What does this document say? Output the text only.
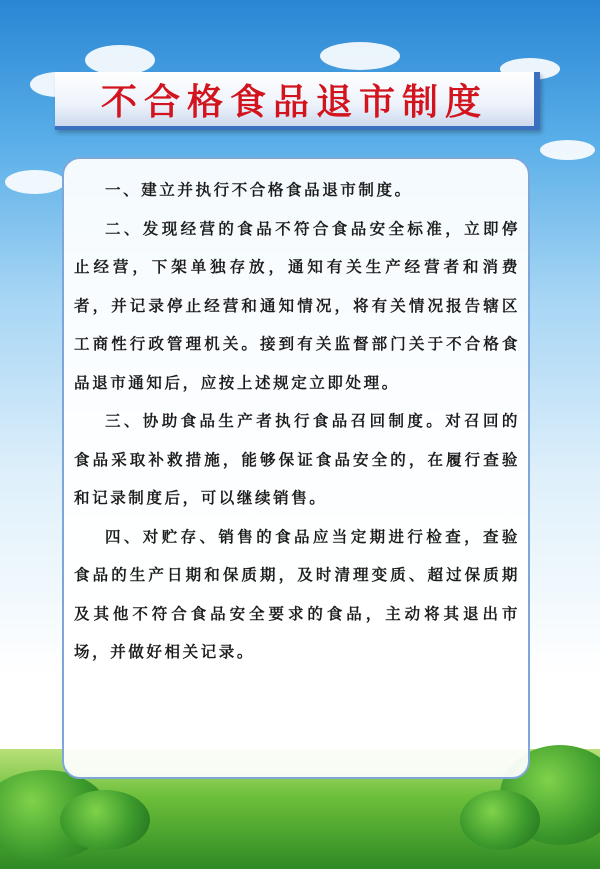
不合格食品退市制度

一、建立并执行不合格食品退市制度。

二、发现经营的食品不符合食品安全标准，立即停止经营，下架单独存放，通知有关生产经营者和消费者，并记录停止经营和通知情况，将有关情况报告辖区工商性行政管理机关。接到有关监督部门关于不合格食品退市通知后，应按上述规定立即处理。

三、协助食品生产者执行食品召回制度。对召回的食品采取补救措施，能够保证食品安全的，在履行查验和记录制度后，可以继续销售。

四、对贮存、销售的食品应当定期进行检查，查验食品的生产日期和保质期，及时清理变质、超过保质期及其他不符合食品安全要求的食品，主动将其退出市场，并做好相关记录。
